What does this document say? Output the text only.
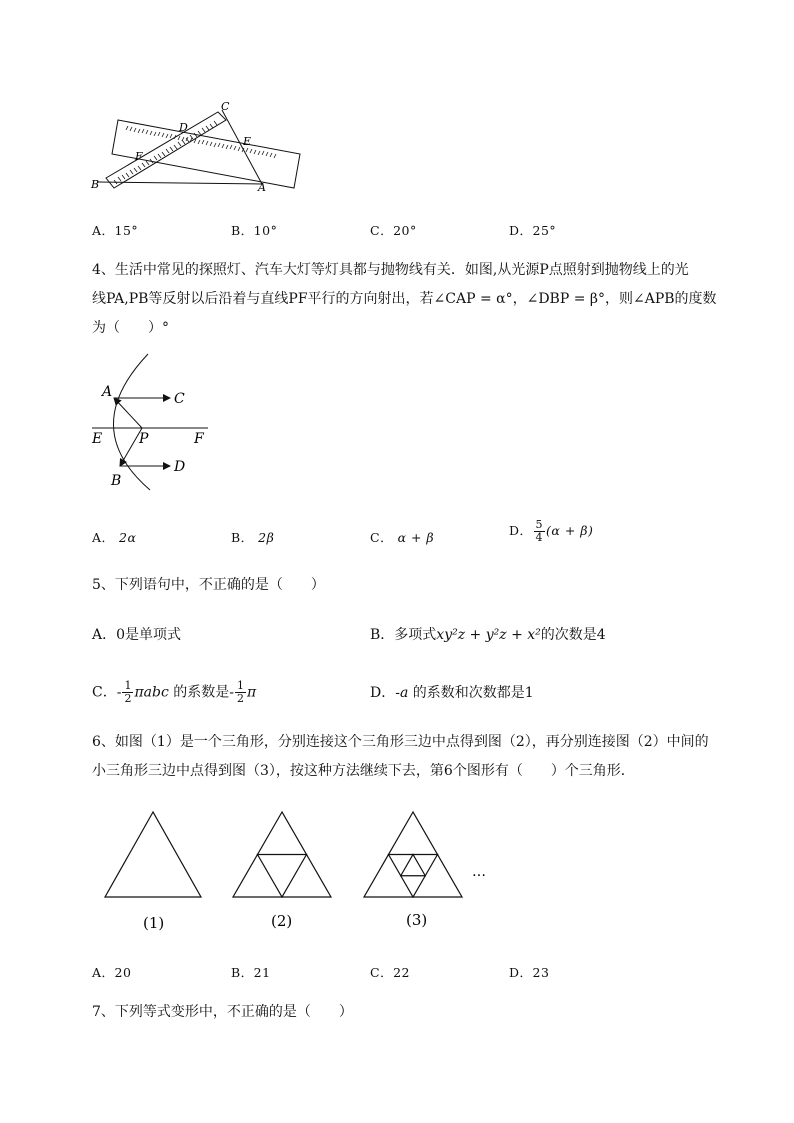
C
D
E
F
B	A
A．15°	B．10°	C．20°	D．25°
4、生活中常见的探照灯、汽车大灯等灯具都与抛物线有关．如图,从光源P点照射到抛物线上的光
线PA,PB等反射以后沿着与直线PF平行的方向射出，若∠CAP = α°，∠DBP = β°，则∠APB的度数
为（　　）°
A	C
E	P	F
B
D
A． 2α	B． 2β	C． α + β	D． $\frac{5}{4} (\alpha + \beta)$
5、下列语句中，不正确的是（　　）
A．0是单项式	B．多项式xy²z + y²z + x²的次数是4
C．- $\frac{1}{2}$ πabc 的系数是- $\frac{1}{2}$ π	D．-a 的系数和次数都是1
6、如图（1）是一个三角形，分别连接这个三角形三边中点得到图（2），再分别连接图（2）中间的
小三角形三边中点得到图（3），按这种方法继续下去，第6个图形有（　　）个三角形．
…
(1)	(2)	(3)
A．20	B．21	C．22	D．23
7、下列等式变形中，不正确的是（　　）
